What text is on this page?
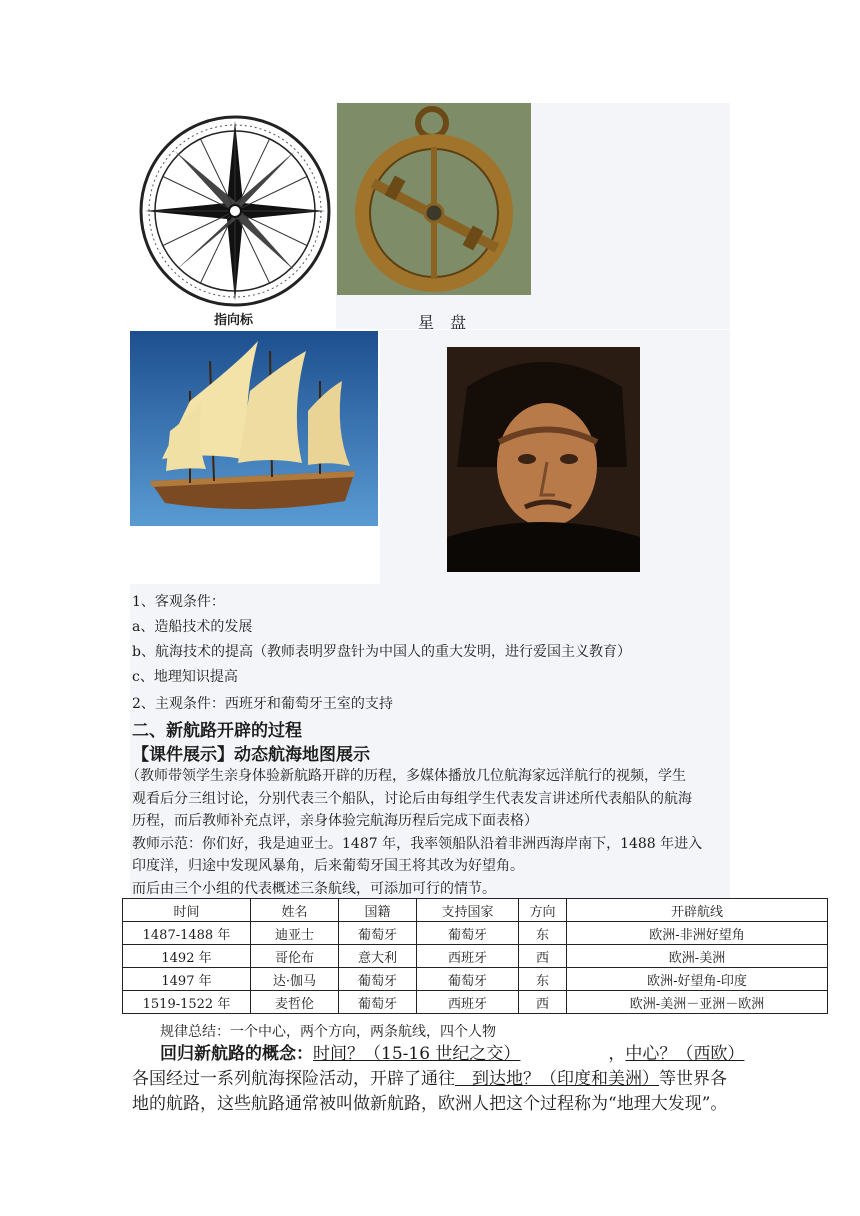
指向标	星　盘
1、客观条件：
a、造船技术的发展
b、航海技术的提高（教师表明罗盘针为中国人的重大发明，进行爱国主义教育）
c、地理知识提高
2、主观条件：西班牙和葡萄牙王室的支持
二、新航路开辟的过程
【课件展示】动态航海地图展示
（教师带领学生亲身体验新航路开辟的历程，多媒体播放几位航海家远洋航行的视频，学生
观看后分三组讨论，分别代表三个船队，讨论后由每组学生代表发言讲述所代表船队的航海
历程，而后教师补充点评，亲身体验完航海历程后完成下面表格）
教师示范：你们好，我是迪亚士。1487 年，我率领船队沿着非洲西海岸南下，1488 年进入
印度洋，归途中发现风暴角，后来葡萄牙国王将其改为好望角。
而后由三个小组的代表概述三条航线，可添加可行的情节。
时间	姓名	国籍	支持国家	方向	开辟航线
1487-1488 年	迪亚士	葡萄牙	葡萄牙	东	欧洲-非洲好望角
1492 年	哥伦布	意大利	西班牙	西	欧洲-美洲
1497 年	达·伽马	葡萄牙	葡萄牙	东	欧洲-好望角-印度
1519-1522 年	麦哲伦	葡萄牙	西班牙	西	欧洲-美洲－亚洲－欧洲
规律总结：一个中心，两个方向，两条航线，四个人物
回归新航路的概念：时间？（15-16 世纪之交）	，中心？（西欧）
各国经过一系列航海探险活动，开辟了通往  到达地？（印度和美洲）等世界各
地的航路，这些航路通常被叫做新航路，欧洲人把这个过程称为“地理大发现”。
